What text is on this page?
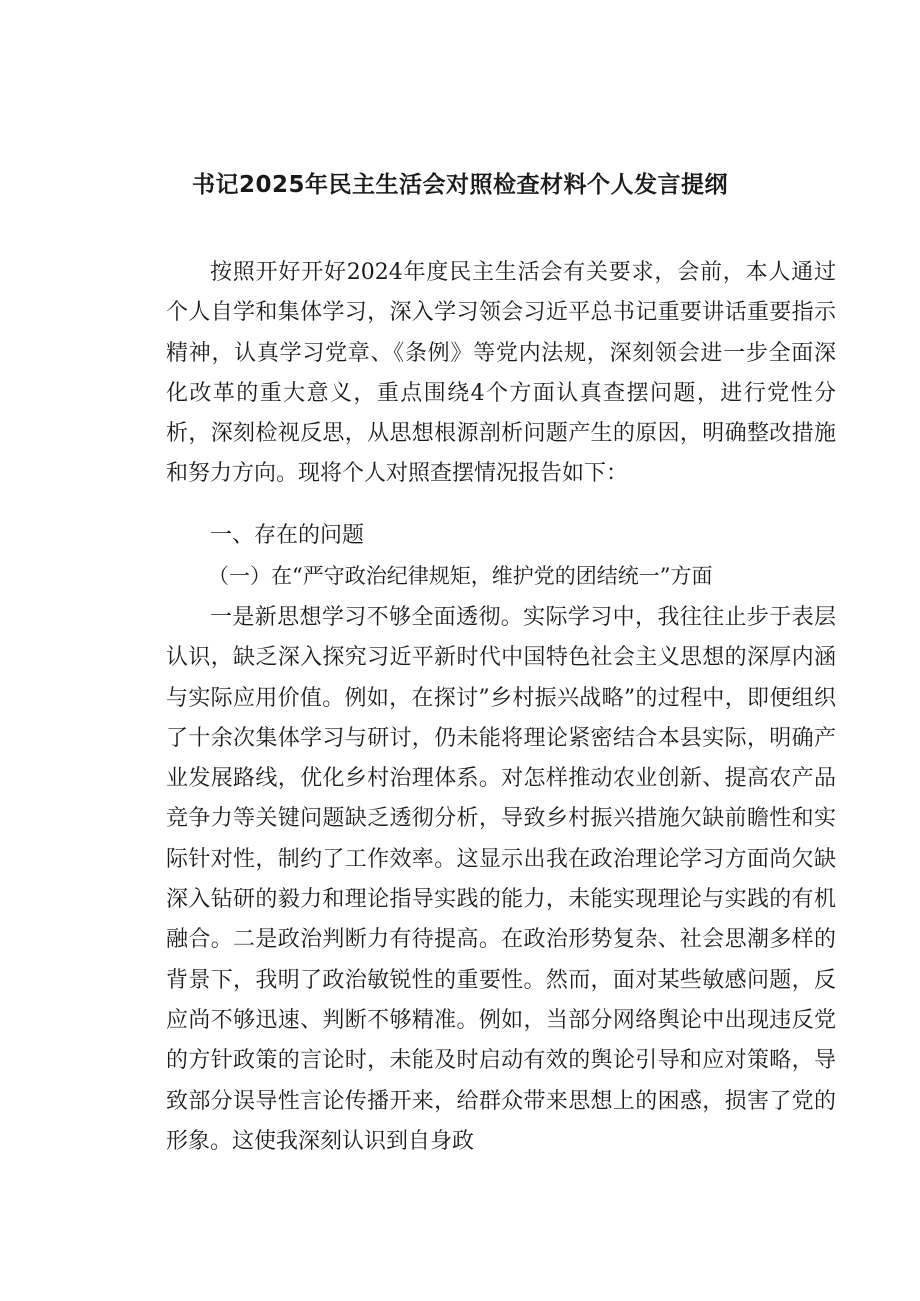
书记2025年民主生活会对照检查材料个人发言提纲

按照开好开好2024年度民主生活会有关要求，会前，本人通过个人自学和集体学习，深入学习领会习近平总书记重要讲话重要指示精神，认真学习党章、《条例》等党内法规，深刻领会进一步全面深化改革的重大意义，重点围绕4个方面认真查摆问题，进行党性分析，深刻检视反思，从思想根源剖析问题产生的原因，明确整改措施和努力方向。现将个人对照查摆情况报告如下：

一、存在的问题

（一）在“严守政治纪律规矩，维护党的团结统一”方面

一是新思想学习不够全面透彻。实际学习中，我往往止步于表层认识，缺乏深入探究习近平新时代中国特色社会主义思想的深厚内涵与实际应用价值。例如，在探讨”乡村振兴战略”的过程中，即便组织了十余次集体学习与研讨，仍未能将理论紧密结合本县实际，明确产业发展路线，优化乡村治理体系。对怎样推动农业创新、提高农产品竞争力等关键问题缺乏透彻分析，导致乡村振兴措施欠缺前瞻性和实际针对性，制约了工作效率。这显示出我在政治理论学习方面尚欠缺深入钻研的毅力和理论指导实践的能力，未能实现理论与实践的有机融合。二是政治判断力有待提高。在政治形势复杂、社会思潮多样的背景下，我明了政治敏锐性的重要性。然而，面对某些敏感问题，反应尚不够迅速、判断不够精准。例如，当部分网络舆论中出现违反党的方针政策的言论时，未能及时启动有效的舆论引导和应对策略，导致部分误导性言论传播开来，给群众带来思想上的困惑，损害了党的形象。这使我深刻认识到自身政
